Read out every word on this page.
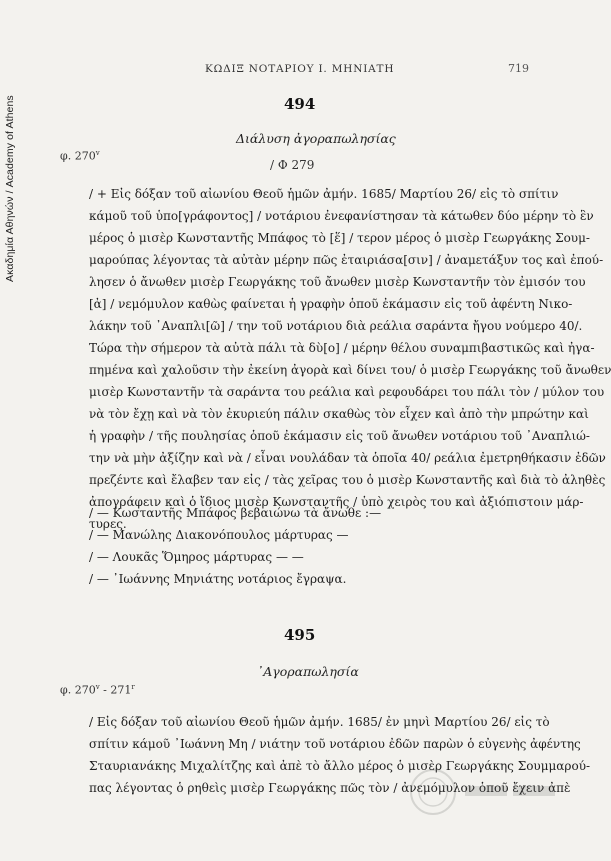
Ακαδημία Αθηνών / Academy of Athens
ΚΩΔΙΞ ΝΟΤΑΡΙΟΥ Ι. ΜΗΝΙΑΤΗ	719
494
Διάλυση ἀγοραπωλησίας
φ. 270$^v$
/ Φ 279
/ + Εἰς δόξαν τοῦ αἰωνίου Θεοῦ ἡμῶν ἀμήν. 1685/ Μαρτίου 26/ εἰς τὸ σπίτιν
κάμοῦ τοῦ ὑπο[γράφοντος] / νοτάριου ἐνεφανίστησαν τὰ κάτωθεν δύο μέρην τὸ ἓν
μέρος ὁ μισὲρ Κωνσταντῆς Μπάφος τὸ [ἕ] / τερον μέρος ὁ μισὲρ Γεωργάκης Σουμ-
μαρούπας λέγοντας τὰ αὐτὰν μέρην πῶς ἐταιριάσα[σιν] / ἀναμετάξυν τος καὶ ἐπού-
λησεν ὁ ἄνωθεν μισὲρ Γεωργάκης τοῦ ἄνωθεν μισὲρ Κωνσταντῆν τὸν ἐμισόν του
[ἀ] / νεμόμυλον καθὼς φαίνεται ἡ γραφὴν ὁποῦ ἐκάμασιν εἰς τοῦ ἀφέντη Νικο-
λάκην τοῦ ᾿Αναπλι[ῶ] / την τοῦ νοτάριου διὰ ρεάλια σαράντα ἤγου νούμερο 40/.
Τώρα τὴν σήμερον τὰ αὐτὰ πάλι τὰ δὺ[ο] / μέρην θέλου συναμπιβαστικῶς καὶ ἠγα-
πημένα καὶ χαλοῦσιν τὴν ἐκείνη ἀγορὰ καὶ δίνει του/ ὁ μισὲρ Γεωργάκης τοῦ ἄνωθεν
μισὲρ Κωνσταντῆν τὰ σαράντα του ρεάλια καὶ ρεφουδάρει του πάλι τὸν / μύλον του
νὰ τὸν ἔχῃ καὶ νὰ τὸν ἐκυριεύη πάλιν σκαθὼς τὸν εἶχεν καὶ ἀπὸ τὴν μπρώτην καὶ
ἡ γραφὴν / τῆς πουλησίας ὁποῦ ἐκάμασιν εἰς τοῦ ἄνωθεν νοτάριου τοῦ ᾿Αναπλιώ-
την νὰ μὴν ἀξίζην καὶ νὰ / εἶναι νουλάδαν τὰ ὁποῖα 40/ ρεάλια ἐμετρηθήκασιν ἐδῶν
πρεζέντε καὶ ἔλαβεν ταν εἰς / τὰς χεῖρας του ὁ μισὲρ Κωνσταντῆς καὶ διὰ τὸ ἀληθὲς
ἀπογράφειν καὶ ὁ ἴδιος μισὲρ Κωνσταντῆς / ὑπὸ χειρὸς του καὶ ἀξιόπιστοιν μάρ-
τυρες.
/ — Κωσταντῆς Μπάφος βεβαιώνω τὰ ἄνωθε :—
/ — Μανώλης Διακονόπουλος μάρτυρας —
/ — Λουκᾶς Ὅμηρος μάρτυρας — —
/ — ᾿Ιωάννης Μηνιάτης νοτάριος ἔγραψα.
495
᾿Αγοραπωλησία
φ. 270$^v$ - 271$^r$
/ Εἰς δόξαν τοῦ αἰωνίου Θεοῦ ἡμῶν ἀμήν. 1685/ ἐν μηνὶ Μαρτίου 26/ εἰς τὸ
σπίτιν κάμοῦ ᾿Ιωάννη Μη / νιάτην τοῦ νοτάριου ἐδῶν παρὼν ὁ εὐγενὴς ἀφέντης
Σταυριανάκης Μιχαλίτζης καὶ ἀπὲ τὸ ἄλλο μέρος ὁ μισὲρ Γεωργάκης Σουμμαρού-
πας λέγοντας ὁ ρηθεὶς μισὲρ Γεωργάκης πῶς τὸν / ἀνεμόμυλον ὁποῦ ἔχειν ἀπὲ
